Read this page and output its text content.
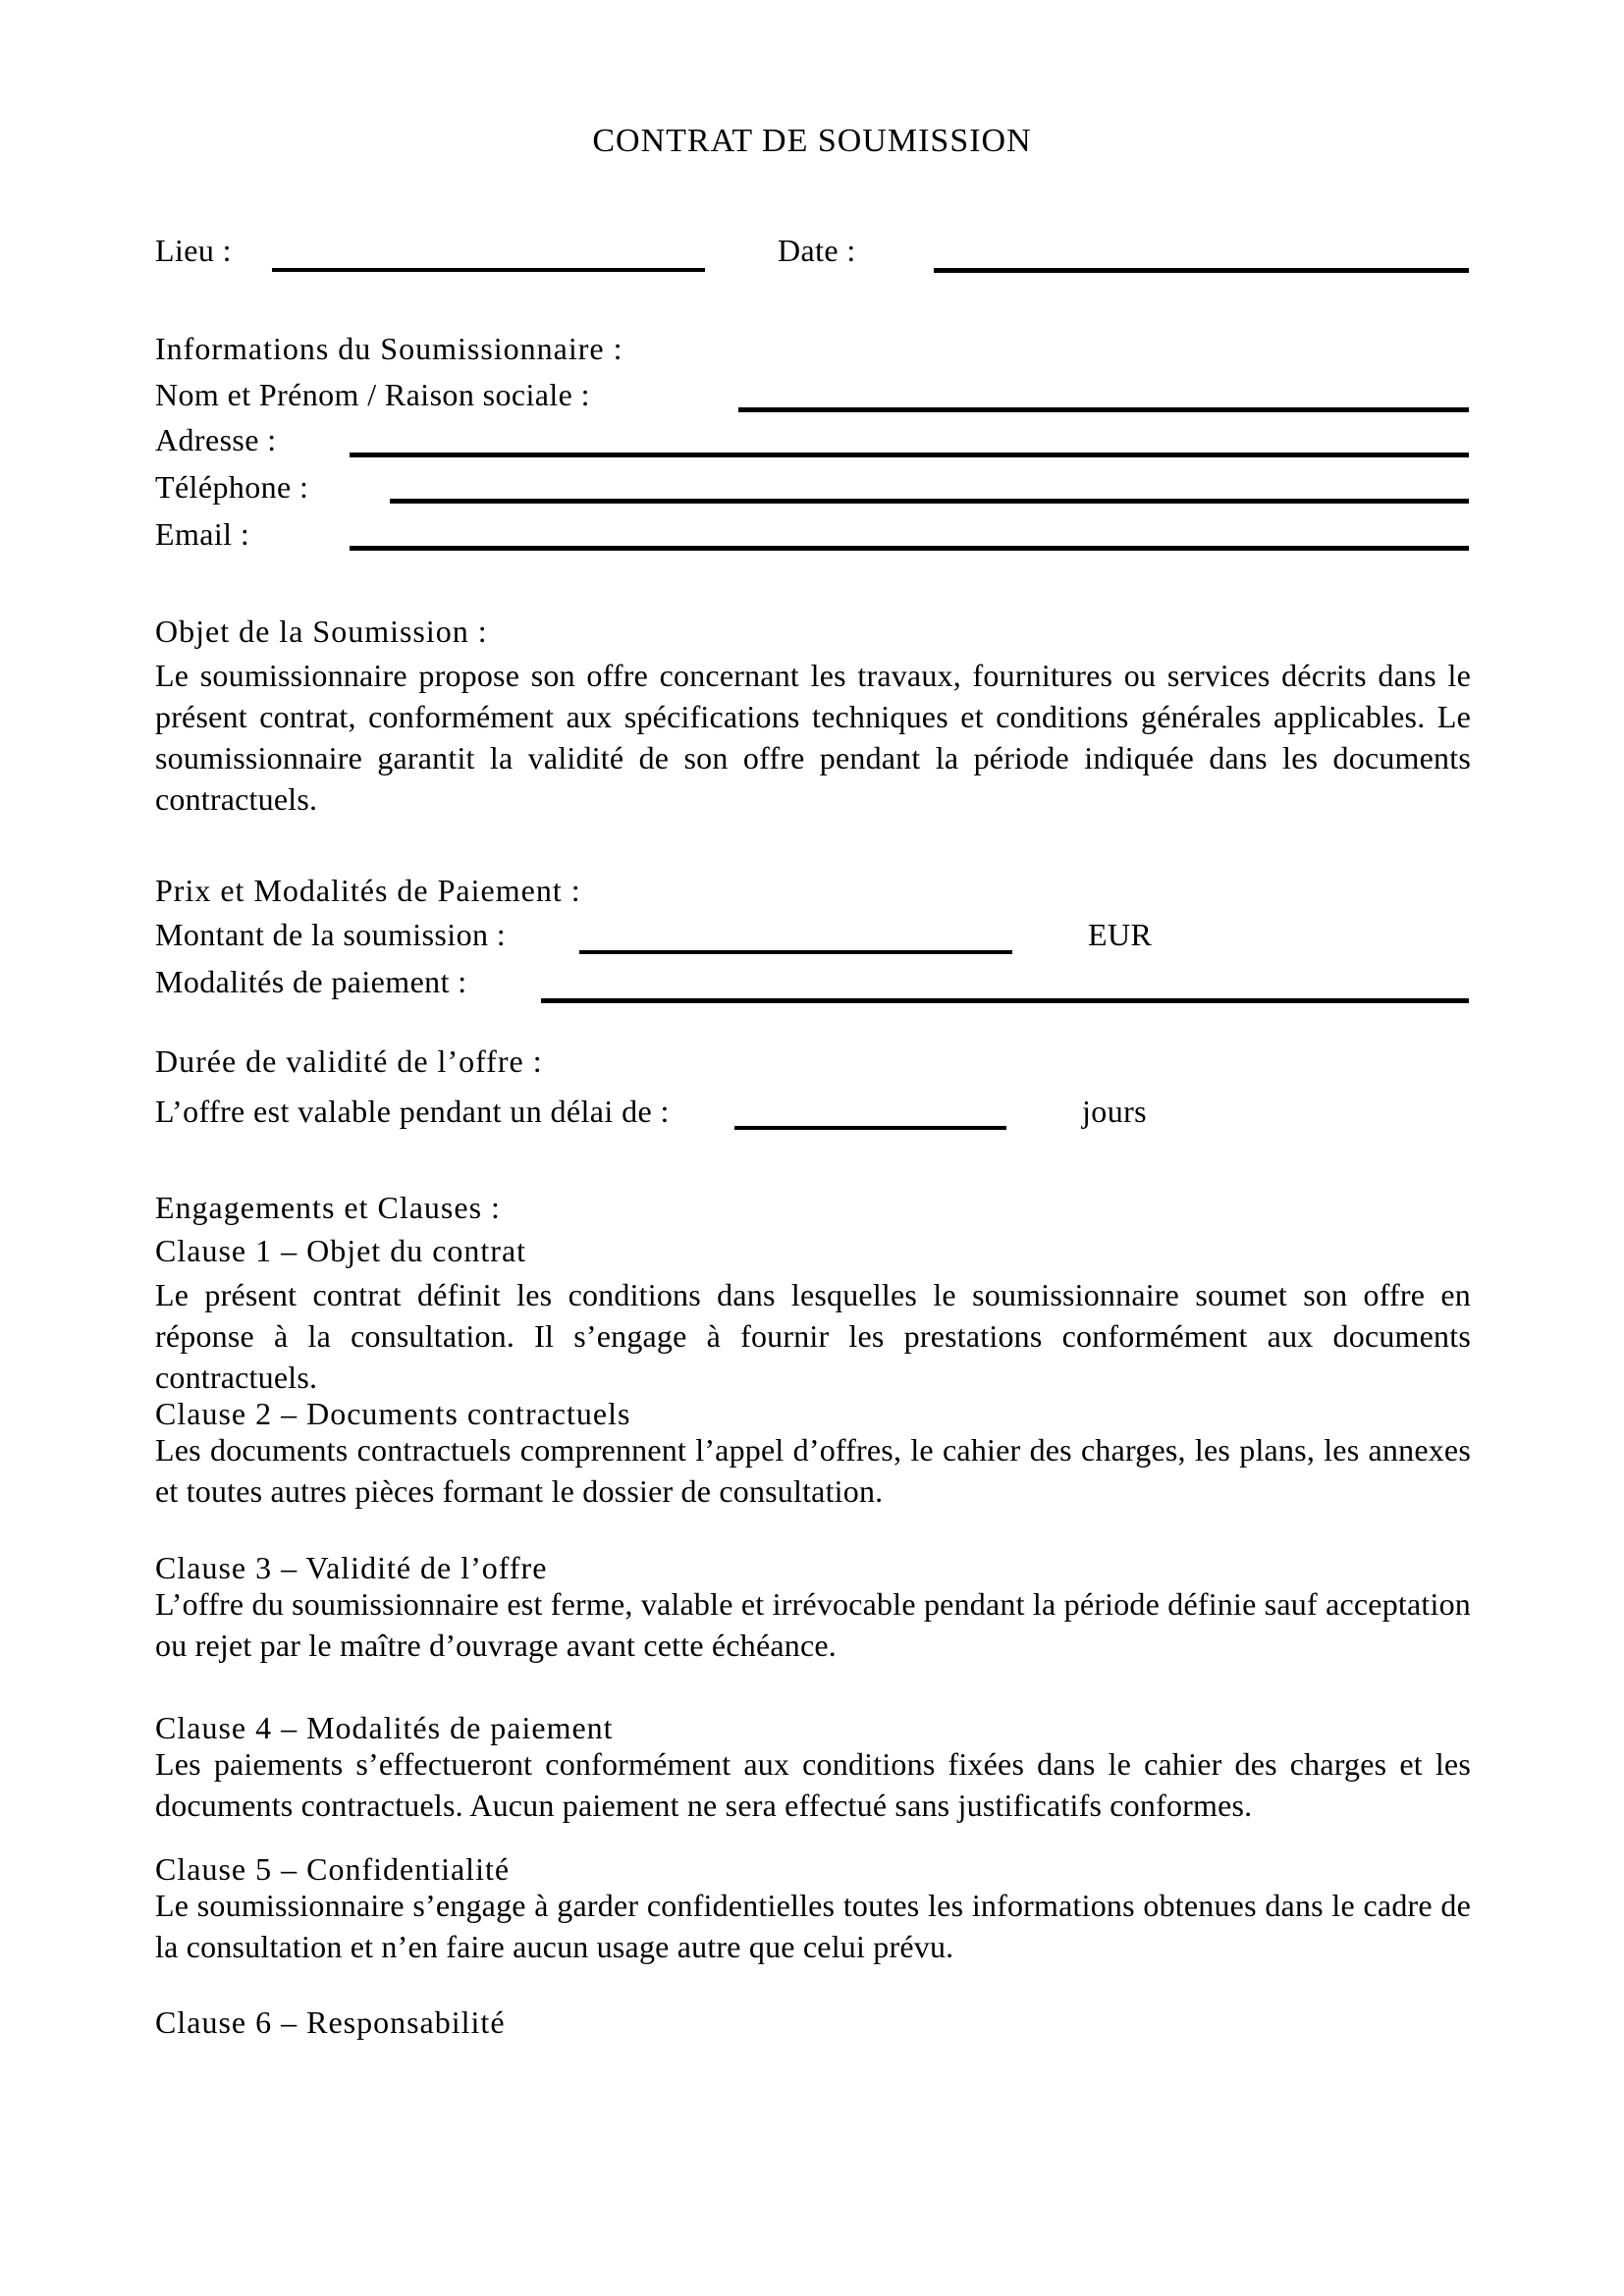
CONTRAT DE SOUMISSION
Lieu :	Date :
Informations du Soumissionnaire :
Nom et Prénom / Raison sociale :
Adresse :
Téléphone :
Email :
Objet de la Soumission :
Le soumissionnaire propose son offre concernant les travaux, fournitures ou services décrits dans le présent contrat, conformément aux spécifications techniques et conditions générales applicables. Le soumissionnaire garantit la validité de son offre pendant la période indiquée dans les documents contractuels.
Prix et Modalités de Paiement :
Montant de la soumission :	EUR
Modalités de paiement :
Durée de validité de l’offre :
L’offre est valable pendant un délai de :	jours
Engagements et Clauses :
Clause 1 – Objet du contrat
Le présent contrat définit les conditions dans lesquelles le soumissionnaire soumet son offre en réponse à la consultation. Il s’engage à fournir les prestations conformément aux documents contractuels.
Clause 2 – Documents contractuels
Les documents contractuels comprennent l’appel d’offres, le cahier des charges, les plans, les annexes et toutes autres pièces formant le dossier de consultation.
Clause 3 – Validité de l’offre
L’offre du soumissionnaire est ferme, valable et irrévocable pendant la période définie sauf acceptation ou rejet par le maître d’ouvrage avant cette échéance.
Clause 4 – Modalités de paiement
Les paiements s’effectueront conformément aux conditions fixées dans le cahier des charges et les documents contractuels. Aucun paiement ne sera effectué sans justificatifs conformes.
Clause 5 – Confidentialité
Le soumissionnaire s’engage à garder confidentielles toutes les informations obtenues dans le cadre de la consultation et n’en faire aucun usage autre que celui prévu.
Clause 6 – Responsabilité
